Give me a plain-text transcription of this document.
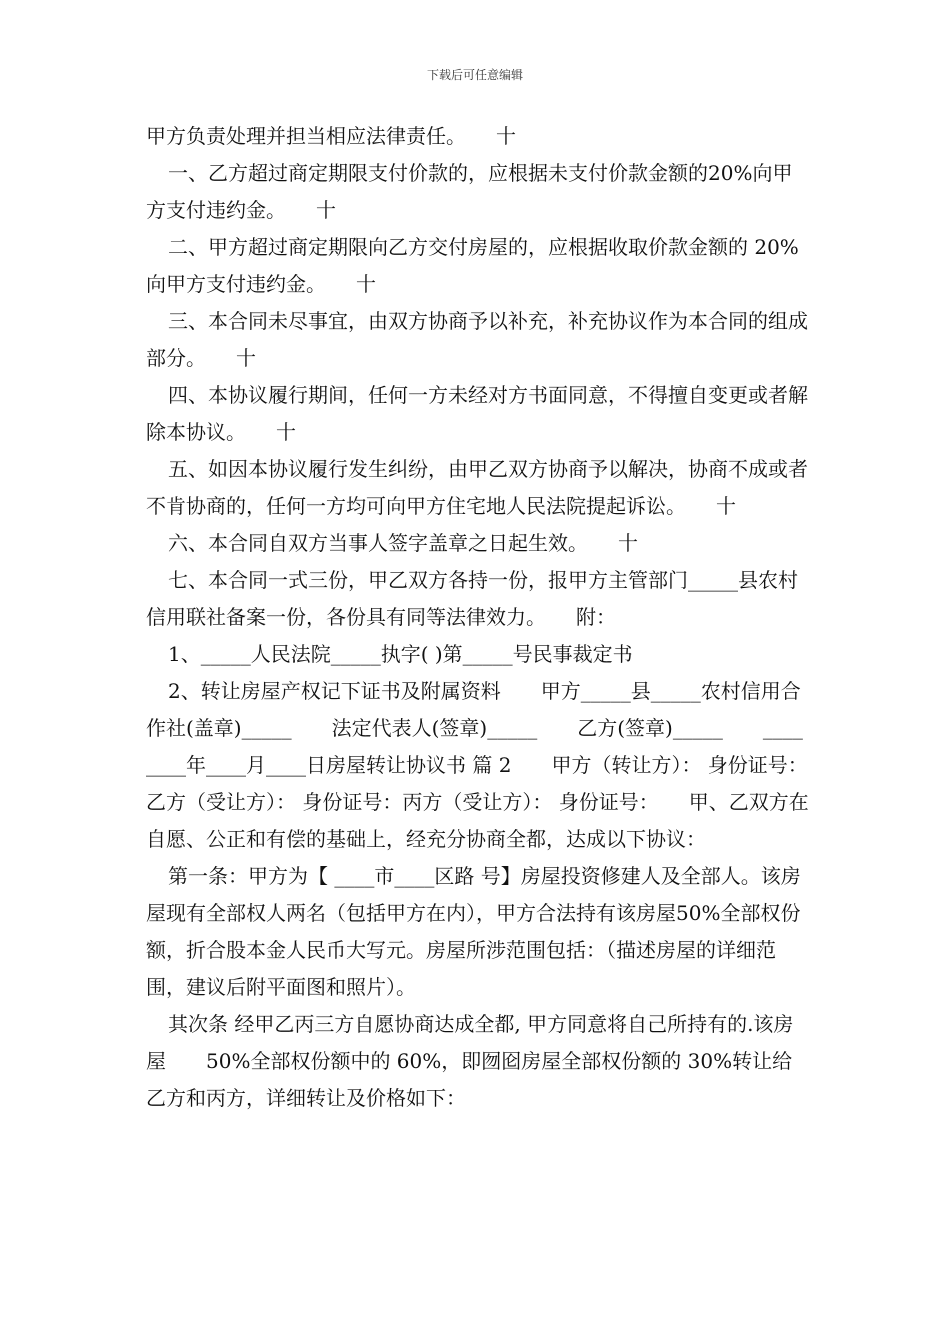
下载后可任意编辑

甲方负责处理并担当相应法律责任。　　十

一、乙方超过商定期限支付价款的，应根据未支付价款金额的20%向甲方支付违约金。　　十

二、甲方超过商定期限向乙方交付房屋的，应根据收取价款金额的 20%向甲方支付违约金。　　十

三、本合同未尽事宜，由双方协商予以补充，补充协议作为本合同的组成部分。　　十

四、本协议履行期间，任何一方未经对方书面同意，不得擅自变更或者解除本协议。　　十

五、如因本协议履行发生纠纷，由甲乙双方协商予以解决，协商不成或者不肯协商的，任何一方均可向甲方住宅地人民法院提起诉讼。　　十

六、本合同自双方当事人签字盖章之日起生效。　　十

七、本合同一式三份，甲乙双方各持一份，报甲方主管部门_____县农村信用联社备案一份，各份具有同等法律效力。　　附：

1、_____人民法院_____执字( )第_____号民事裁定书

2、转让房屋产权记下证书及附属资料　　甲方_____县_____农村信用合作社(盖章)_____　　法定代表人(签章)_____　　乙方(签章)_____　　________年____月____日房屋转让协议书 篇 2　　甲方（转让方）： 身份证号：　　乙方（受让方）： 身份证号：丙方（受让方）： 身份证号：　　甲、乙双方在自愿、公正和有偿的基础上，经充分协商全都，达成以下协议：

第一条：甲方为【 ____市____区路 号】房屋投资修建人及全部人。该房屋现有全部权人两名（包括甲方在内），甲方合法持有该房屋50%全部权份额，折合股本金人民币大写元。房屋所涉范围包括：（描述房屋的详细范围，建议后附平面图和照片）。

其次条 经甲乙丙三方自愿协商达成全都, 甲方同意将自己所持有的.该房屋　　50%全部权份额中的 60%，即囫囵房屋全部权份额的 30%转让给乙方和丙方，详细转让及价格如下：
